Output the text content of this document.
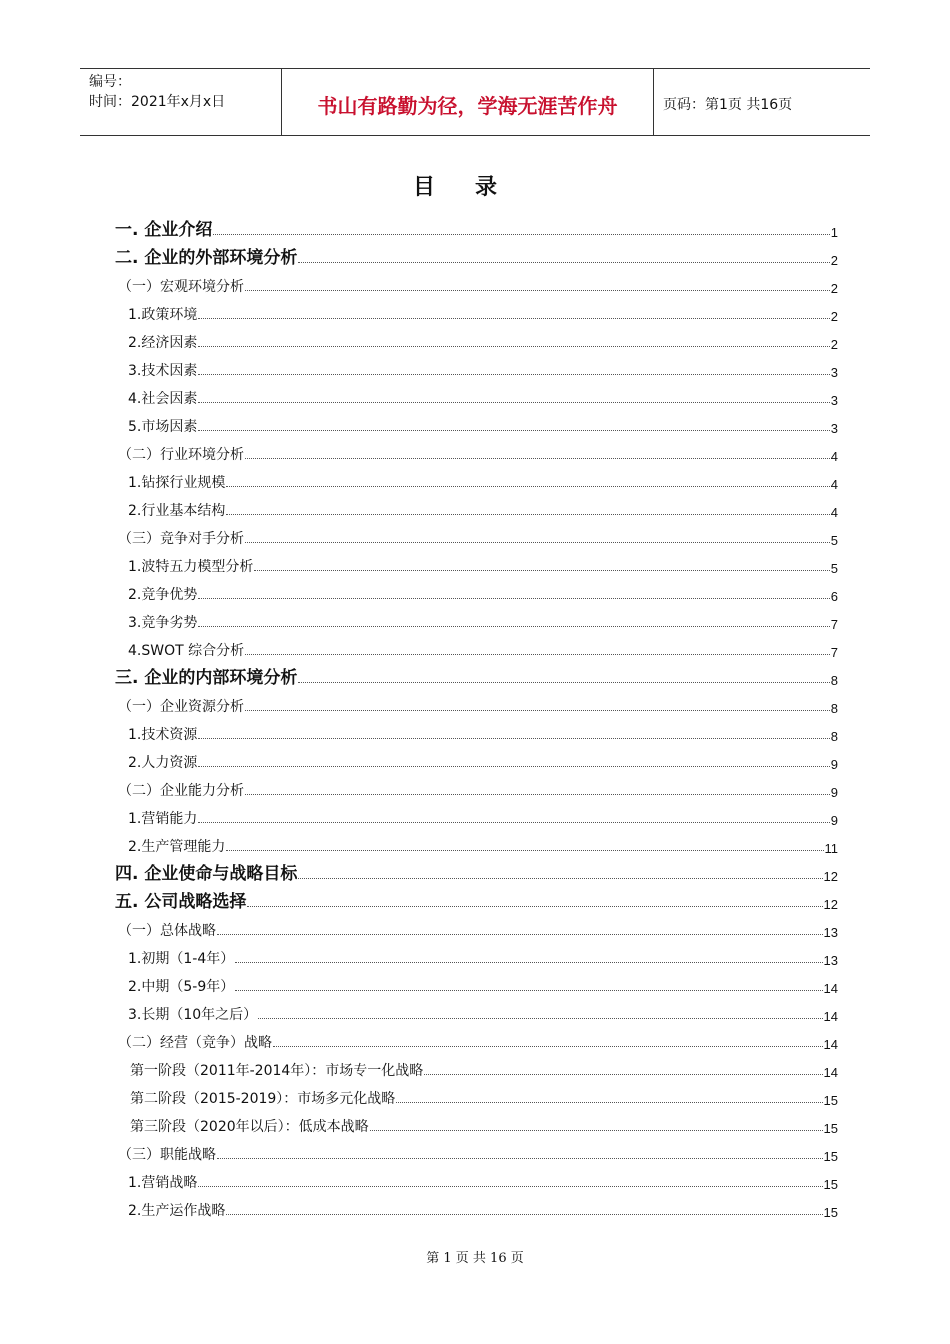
编号：
时间：2021年x月x日	书山有路勤为径，学海无涯苦作舟	页码：第1页 共16页
目录
一. 企业介绍	1
二. 企业的外部环境分析	2
（一）宏观环境分析	2
1.政策环境	2
2.经济因素	2
3.技术因素	3
4.社会因素	3
5.市场因素	3
（二）行业环境分析	4
1.钻探行业规模	4
2.行业基本结构	4
（三）竞争对手分析	5
1.波特五力模型分析	5
2.竞争优势	6
3.竞争劣势	7
4.SWOT 综合分析	7
三. 企业的内部环境分析	8
（一）企业资源分析	8
1.技术资源	8
2.人力资源	9
（二）企业能力分析	9
1.营销能力	9
2.生产管理能力	11
四. 企业使命与战略目标	12
五. 公司战略选择	12
（一）总体战略	13
1.初期（1-4年）	13
2.中期（5-9年）	14
3.长期（10年之后）	14
（二）经营（竞争）战略	14
第一阶段（2011年-2014年）：市场专一化战略	14
第二阶段（2015-2019）：市场多元化战略	15
第三阶段（2020年以后）：低成本战略	15
（三）职能战略	15
1.营销战略	15
2.生产运作战略	15
第 1 页 共 16 页
